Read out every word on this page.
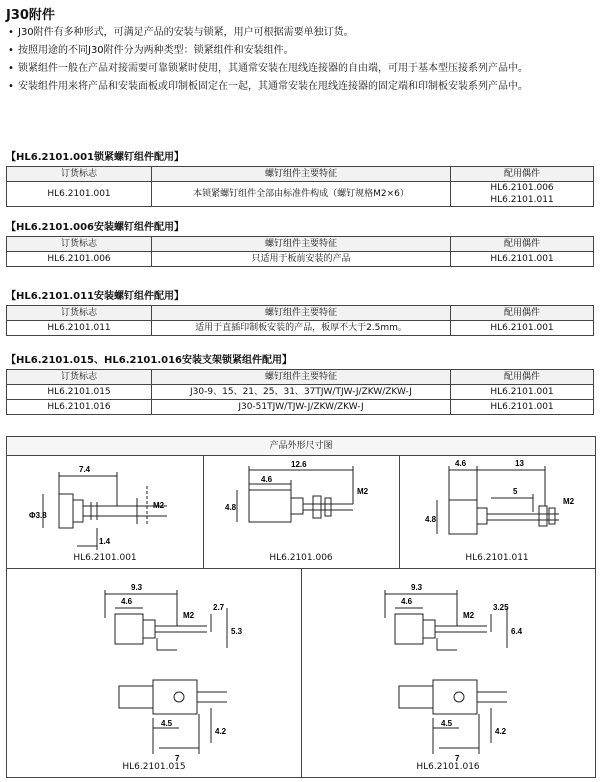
J30附件
• J30附件有多种形式，可满足产品的安装与锁紧，用户可根据需要单独订货。
• 按照用途的不同J30附件分为两种类型：锁紧组件和安装组件。
• 锁紧组件一般在产品对接需要可靠锁紧时使用，其通常安装在甩线连接器的自由端，可用于基本型压接系列产品中。
• 安装组件用来将产品和安装面板或印制板固定在一起，其通常安装在甩线连接器的固定端和印制板安装系列产品中。
【HL6.2101.001锁紧螺钉组件配用】
订货标志	螺钉组件主要特征	配用偶件
HL6.2101.001	本锁紧螺钉组件全部由标准件构成（螺钉规格M2×6）	HL6.2101.006
HL6.2101.011
【HL6.2101.006安装螺钉组件配用】
订货标志	螺钉组件主要特征	配用偶件
HL6.2101.006	只适用于板前安装的产品	HL6.2101.001
【HL6.2101.011安装螺钉组件配用】
订货标志	螺钉组件主要特征	配用偶件
HL6.2101.011	适用于直插印制板安装的产品，板厚不大于2.5mm。	HL6.2101.001
【HL6.2101.015、HL6.2101.016安装支架锁紧组件配用】
订货标志	螺钉组件主要特征	配用偶件
HL6.2101.015	J30-9、15、21、25、31、37TJW/TJW-J/ZKW/ZKW-J	HL6.2101.001
HL6.2101.016	J30-51TJW/TJW-J/ZKW/ZKW-J	HL6.2101.001
产品外形尺寸图
7.4
M2
Φ3.8
1.4
HL6.2101.001
12.6
4.6
4.8
M2
HL6.2101.006
4.6	13
5
4.8
M2
HL6.2101.011
9.3
4.6
M2
2.7
5.3
4.5
7
4.2
HL6.2101.015
9.3
4.6
M2
3.25
6.4
4.5
7
4.2
HL6.2101.016
